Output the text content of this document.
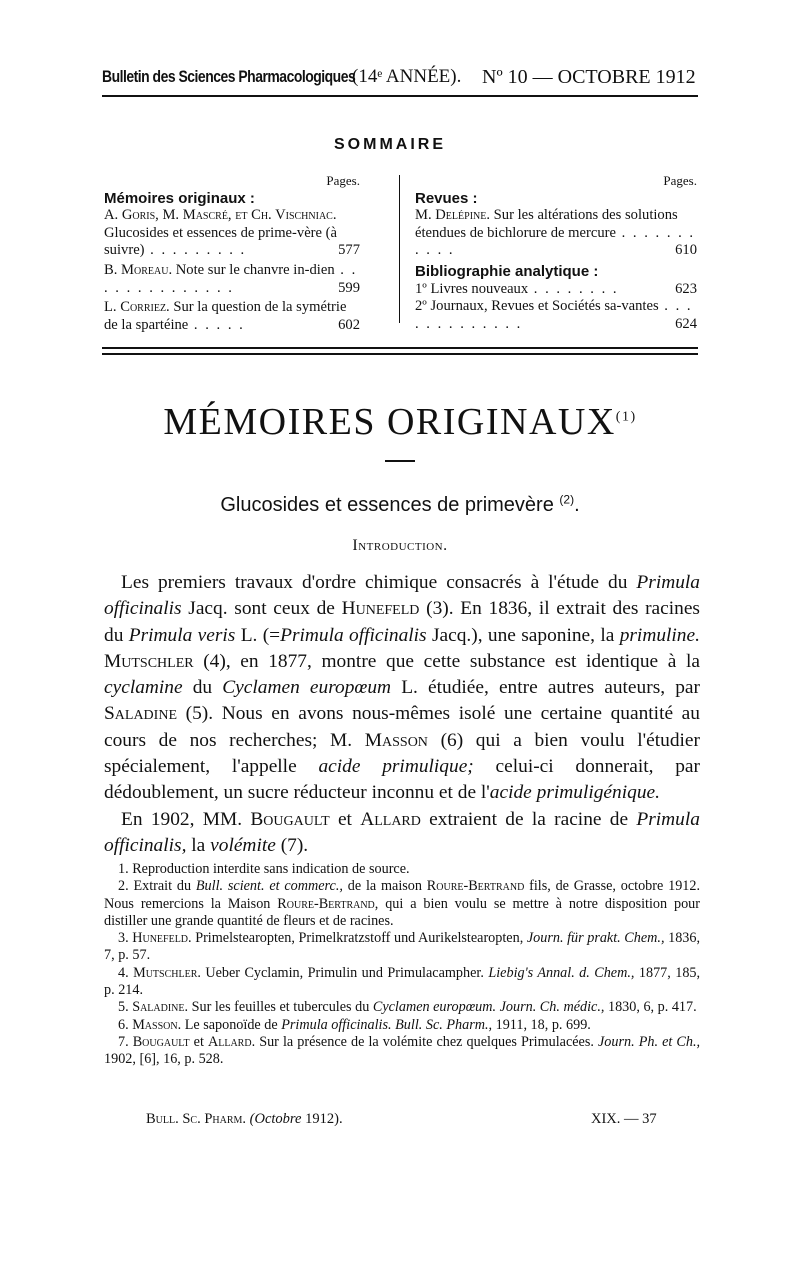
Bulletin des Sciences Pharmacologiques
(14ᵉ ANNÉE). Nº 10 — OCTOBRE 1912
SOMMAIRE
Pages.

Mémoires originaux :

A. Goris, M. Mascré, et Ch. Vischniac. Glucosides et essences de prime-vère (à suivre) . . . . . . . . .	577

B. Moreau. Note sur le chanvre in-dien . . . . . . . . . . . . . .	599

L. Corriez. Sur la question de la symétrie de la spartéine . . . . .	602

Pages.

Revues :

M. Delépine. Sur les altérations des solutions étendues de bichlorure de mercure . . . . . . . . . . .	610

Bibliographie analytique :

1º Livres nouveaux . . . . . . . .	623

2º Journaux, Revues et Sociétés sa-vantes . . . . . . . . . . . . .	624

MÉMOIRES ORIGINAUX$^{(1)}$
Glucosides et essences de primevère $^{(2)}$.
Introduction.

Les premiers travaux d'ordre chimique consacrés à l'étude du Primula officinalis Jacq. sont ceux de Hunefeld (3). En 1836, il extrait des racines du Primula veris L. (=Primula officinalis Jacq.), une saponine, la primuline. Mutschler (4), en 1877, montre que cette substance est identique à la cyclamine du Cyclamen europœum L. étudiée, entre autres auteurs, par Saladine (5). Nous en avons nous-mêmes isolé une certaine quantité au cours de nos recherches; M. Masson (6) qui a bien voulu l'étudier spécialement, l'appelle acide primulique; celui-ci donnerait, par dédoublement, un sucre réducteur inconnu et de l'acide primuligénique.

En 1902, MM. Bougault et Allard extraient de la racine de Primula officinalis, la volémite (7).

1. Reproduction interdite sans indication de source.

2. Extrait du Bull. scient. et commerc., de la maison Roure-Bertrand fils, de Grasse, octobre 1912. Nous remercions la Maison Roure-Bertrand, qui a bien voulu se mettre à notre disposition pour distiller une grande quantité de fleurs et de racines.

3. Hunefeld. Primelstearopten, Primelkratzstoff und Aurikelstearopten, Journ. für prakt. Chem., 1836, 7, p. 57.

4. Mutschler. Ueber Cyclamin, Primulin und Primulacampher. Liebig's Annal. d. Chem., 1877, 185, p. 214.

5. Saladine. Sur les feuilles et tubercules du Cyclamen europœum. Journ. Ch. médic., 1830, 6, p. 417.

6. Masson. Le saponoïde de Primula officinalis. Bull. Sc. Pharm., 1911, 18, p. 699.

7. Bougault et Allard. Sur la présence de la volémite chez quelques Primulacées. Journ. Ph. et Ch., 1902, [6], 16, p. 528.

Bull. Sc. Pharm. (Octobre 1912).	XIX. — 37
